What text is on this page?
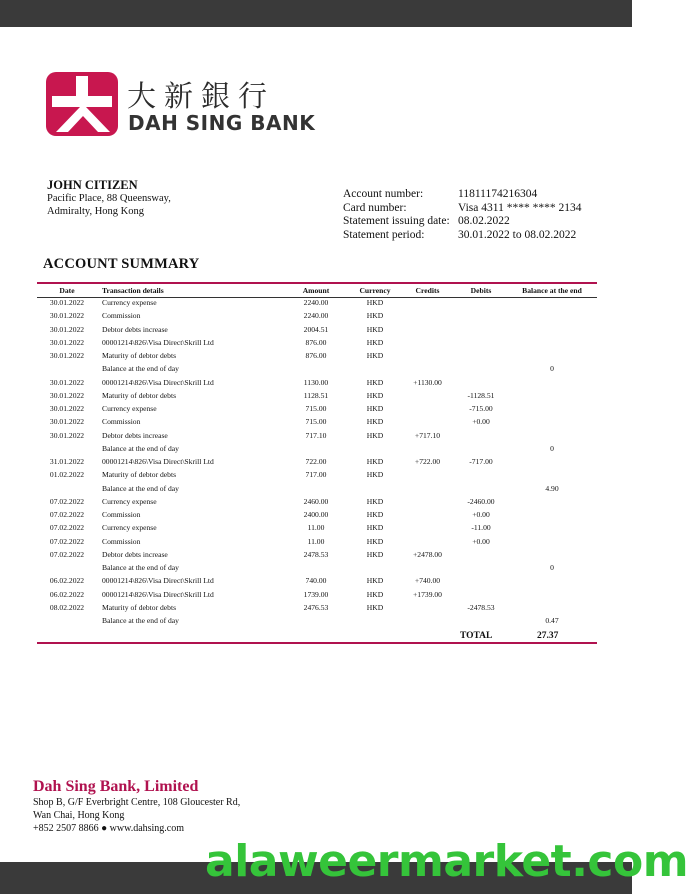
大新銀行
DAH SING BANK
JOHN CITIZEN
Pacific Place, 88 Queensway,
Admiralty, Hong Kong
Account number:	11811174216304
Card number:	Visa 4311 **** **** 2134
Statement issuing date: 08.02.2022
Statement period:	30.01.2022 to 08.02.2022
ACCOUNT SUMMARY
Date	Transaction details	Amount	Currency	Credits	Debits	Balance at the end
30.01.2022	Currency expense	2240.00	HKD			
30.01.2022	Commission	2240.00	HKD			
30.01.2022	Debtor debts increase	2004.51	HKD			
30.01.2022	00001214\826\Visa Direct\Skrill Ltd	876.00	HKD			
30.01.2022	Maturity of debtor debts	876.00	HKD			
	Balance at the end of day					0
30.01.2022	00001214\826\Visa Direct\Skrill Ltd	1130.00	HKD	+1130.00		
30.01.2022	Maturity of debtor debts	1128.51	HKD		-1128.51	
30.01.2022	Currency expense	715.00	HKD		-715.00	
30.01.2022	Commission	715.00	HKD		+0.00	
30.01.2022	Debtor debts increase	717.10	HKD	+717.10		
	Balance at the end of day					0
31.01.2022	00001214\826\Visa Direct\Skrill Ltd	722.00	HKD	+722.00	-717.00	
01.02.2022	Maturity of debtor debts	717.00	HKD			
	Balance at the end of day					4.90
07.02.2022	Currency expense	2460.00	HKD		-2460.00	
07.02.2022	Commission	2400.00	HKD		+0.00	
07.02.2022	Currency expense	11.00	HKD		-11.00	
07.02.2022	Commission	11.00	HKD		+0.00	
07.02.2022	Debtor debts increase	2478.53	HKD	+2478.00		
	Balance at the end of day					0
06.02.2022	00001214\826\Visa Direct\Skrill Ltd	740.00	HKD	+740.00		
06.02.2022	00001214\826\Visa Direct\Skrill Ltd	1739.00	HKD	+1739.00		
08.02.2022	Maturity of debtor debts	2476.53	HKD		-2478.53	
	Balance at the end of day					0.47
TOTAL	27.37
Dah Sing Bank, Limited
Shop B, G/F Everbright Centre, 108 Gloucester Rd,
Wan Chai, Hong Kong
+852 2507 8866 ● www.dahsing.com
alaweermarket.com
